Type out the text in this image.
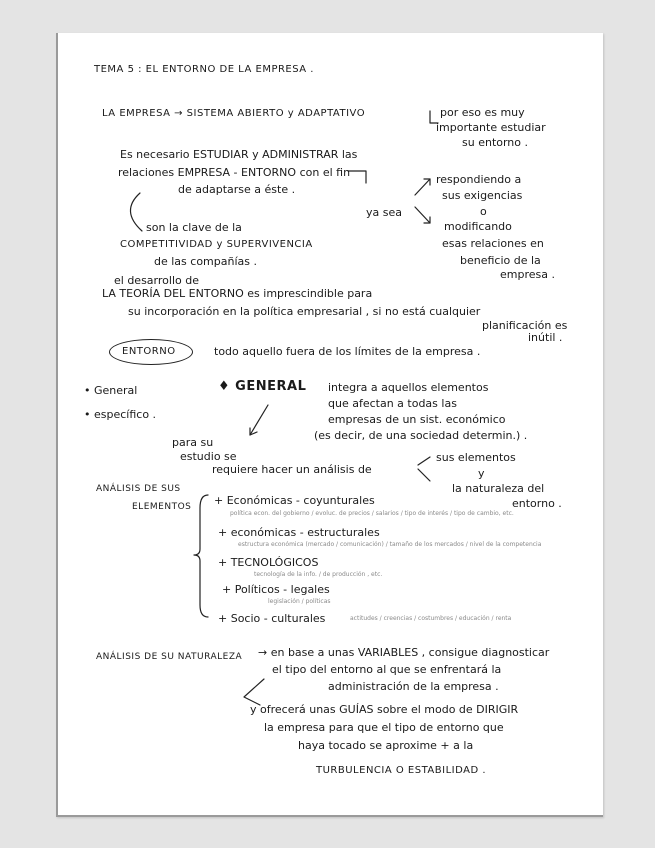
TEMA 5 : EL ENTORNO DE LA EMPRESA .
LA EMPRESA → SISTEMA ABIERTO y ADAPTATIVO	por eso es muy
importante estudiar
su entorno .
Es necesario ESTUDIAR y ADMINISTRAR las
relaciones EMPRESA - ENTORNO con el fin
de adaptarse a éste .
ya sea
respondiendo a
sus exigencias
o
modificando
esas relaciones en
beneficio de la
empresa .
son la clave de la
COMPETITIVIDAD y SUPERVIVENCIA
de las compañías .
el desarrollo de
LA TEORÍA DEL ENTORNO es imprescindible para
su incorporación en la política empresarial , si no está cualquier
planificación es
inútil .
ENTORNO	todo aquello fuera de los límites de la empresa .
• General
• específico .
♦ GENERAL integra a aquellos elementos
que afectan a todas las
empresas de un sist. económico
(es decir, de una sociedad determin.) .
para su
estudio se
requiere hacer un análisis de
sus elementos
y
la naturaleza del
entorno .
ANÁLISIS DE SUS
ELEMENTOS + Económicas - coyunturales
política econ. del gobierno / evoluc. de precios / salarios / tipo de interés / tipo de cambio, etc.
+ económicas - estructurales
estructura económica (mercado / comunicación) / tamaño de los mercados / nivel de la competencia
+ TECNOLÓGICOS
tecnología de la info. / de producción , etc.
+ Políticos - legales
legislación / políticas
+ Socio - culturales	actitudes / creencias / costumbres / educación / renta
ANÁLISIS DE SU NATURALEZA → en base a unas VARIABLES , consigue diagnosticar
el tipo del entorno al que se enfrentará la
administración de la empresa .
y ofrecerá unas GUÍAS sobre el modo de DIRIGIR
la empresa para que el tipo de entorno que
haya tocado se aproxime + a la
TURBULENCIA O ESTABILIDAD .
